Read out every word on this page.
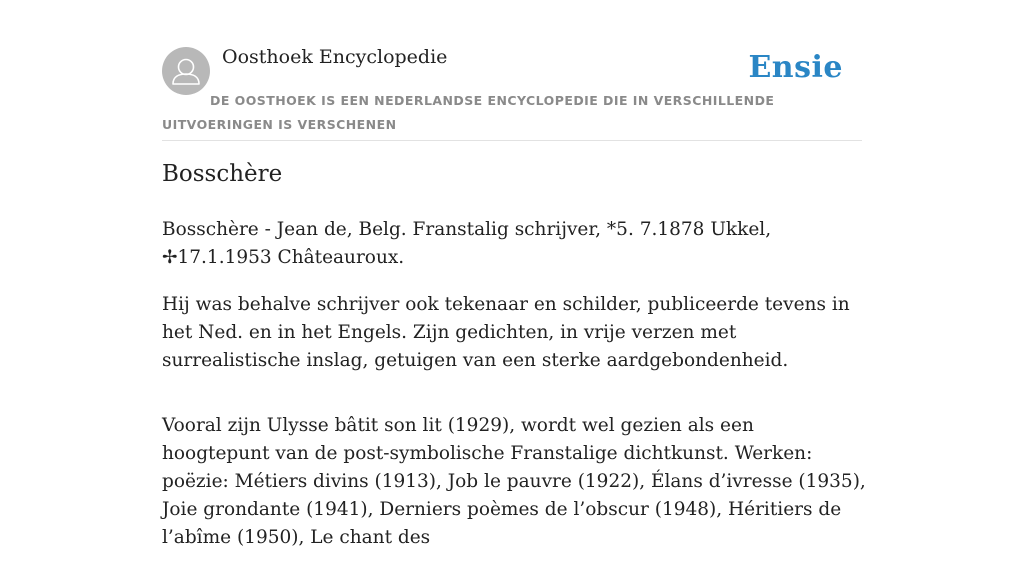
Oosthoek Encyclopedie	Ensie
DE OOSTHOEK IS EEN NEDERLANDSE ENCYCLOPEDIE DIE IN VERSCHILLENDE UITVOERINGEN IS VERSCHENEN
Bosschère

Bosschère - Jean de, Belg. Franstalig schrijver, *5. 7.1878 Ukkel, ✢17.1.1953 Châteauroux.

Hij was behalve schrijver ook tekenaar en schilder, publiceerde tevens in het Ned. en in het Engels. Zijn gedichten, in vrije verzen met surrealistische inslag, getuigen van een sterke aardgebondenheid.

Vooral zijn Ulysse bâtit son lit (1929), wordt wel gezien als een hoogtepunt van de post-symbolische Franstalige dichtkunst. Werken: poëzie: Métiers divins (1913), Job le pauvre (1922), Élans d’ivresse (1935), Joie grondante (1941), Derniers poèmes de l’obscur (1948), Héritiers de l’abîme (1950), Le chant des
